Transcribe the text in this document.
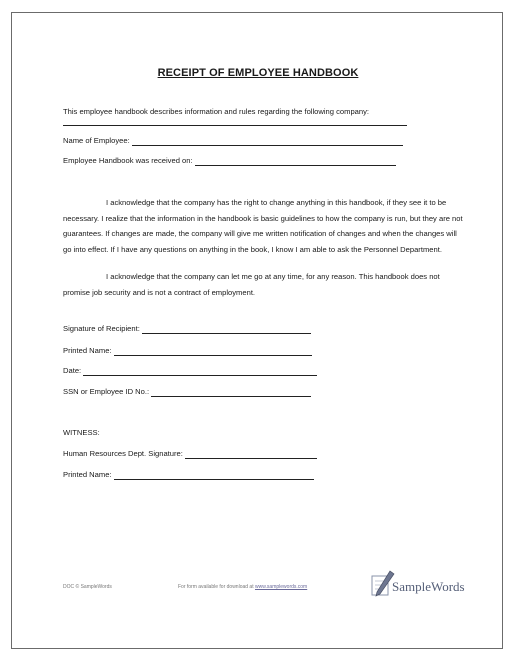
RECEIPT OF EMPLOYEE HANDBOOK
This employee handbook describes information and rules regarding the following company:
Name of Employee:
Employee Handbook was received on:
I acknowledge that the company has the right to change anything in this handbook, if they see it to be necessary. I realize that the information in the handbook is basic guidelines to how the company is run, but they are not guarantees. If changes are made, the company will give me written notification of changes and when the changes will go into effect. If I have any questions on anything in the book, I know I am able to ask the Personnel Department.
I acknowledge that the company can let me go at any time, for any reason. This handbook does not promise job security and is not a contract of employment.
Signature of Recipient:
Printed Name:
Date:
SSN or Employee ID No.:
WITNESS:
Human Resources Dept. Signature:
Printed Name:
DOC © SampleWords	For form available for download at www.samplewords.com	SampleWords
